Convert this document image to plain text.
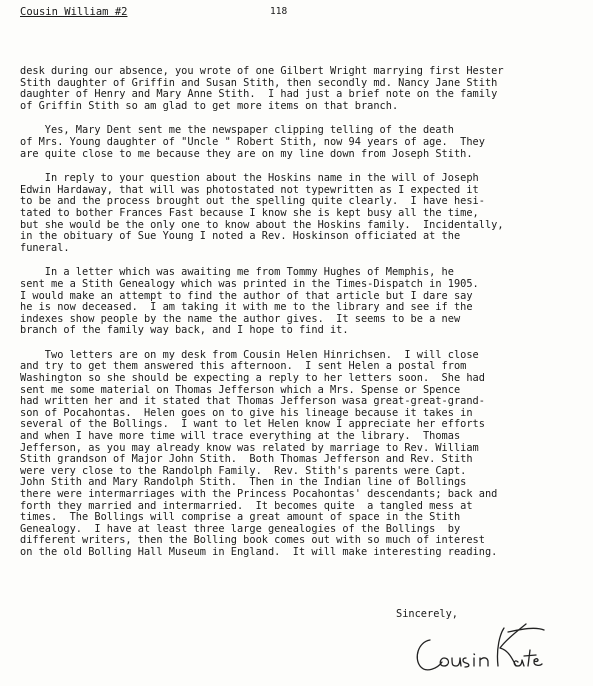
Cousin William #2	118
desk during our absence, you wrote of one Gilbert Wright marrying first Hester
Stith daughter of Griffin and Susan Stith, then secondly md. Nancy Jane Stith
daughter of Henry and Mary Anne Stith.  I had just a brief note on the family
of Griffin Stith so am glad to get more items on that branch.
Yes, Mary Dent sent me the newspaper clipping telling of the death
of Mrs. Young daughter of "Uncle " Robert Stith, now 94 years of age.  They
are quite close to me because they are on my line down from Joseph Stith.
In reply to your question about the Hoskins name in the will of Joseph
Edwin Hardaway, that will was photostated not typewritten as I expected it
to be and the process brought out the spelling quite clearly.  I have hesi-
tated to bother Frances Fast because I know she is kept busy all the time,
but she would be the only one to know about the Hoskins family.  Incidentally,
in the obituary of Sue Young I noted a Rev. Hoskinson officiated at the
funeral.
In a letter which was awaiting me from Tommy Hughes of Memphis, he
sent me a Stith Genealogy which was printed in the Times-Dispatch in 1905.
I would make an attempt to find the author of that article but I dare say
he is now deceased.  I am taking it with me to the library and see if the
indexes show people by the name the author gives.  It seems to be a new
branch of the family way back, and I hope to find it.
Two letters are on my desk from Cousin Helen Hinrichsen.  I will close
and try to get them answered this afternoon.  I sent Helen a postal from
Washington so she should be expecting a reply to her letters soon.  She had
sent me some material on Thomas Jefferson which a Mrs. Spense or Spence
had written her and it stated that Thomas Jefferson wasa great-great-grand-
son of Pocahontas.  Helen goes on to give his lineage because it takes in
several of the Bollings.  I want to let Helen know I appreciate her efforts
and when I have more time will trace everything at the library.  Thomas
Jefferson, as you may already know was related by marriage to Rev. William
Stith grandson of Major John Stith.  Both Thomas Jefferson and Rev. Stith
were very close to the Randolph Family.  Rev. Stith's parents were Capt.
John Stith and Mary Randolph Stith.  Then in the Indian line of Bollings
there were intermarriages with the Princess Pocahontas' descendants; back and
forth they married and intermarried.  It becomes quite  a tangled mess at
times.  The Bollings will comprise a great amount of space in the Stith
Genealogy.  I have at least three large genealogies of the Bollings  by
different writers, then the Bolling book comes out with so much of interest
on the old Bolling Hall Museum in England.  It will make interesting reading.
Sincerely,
